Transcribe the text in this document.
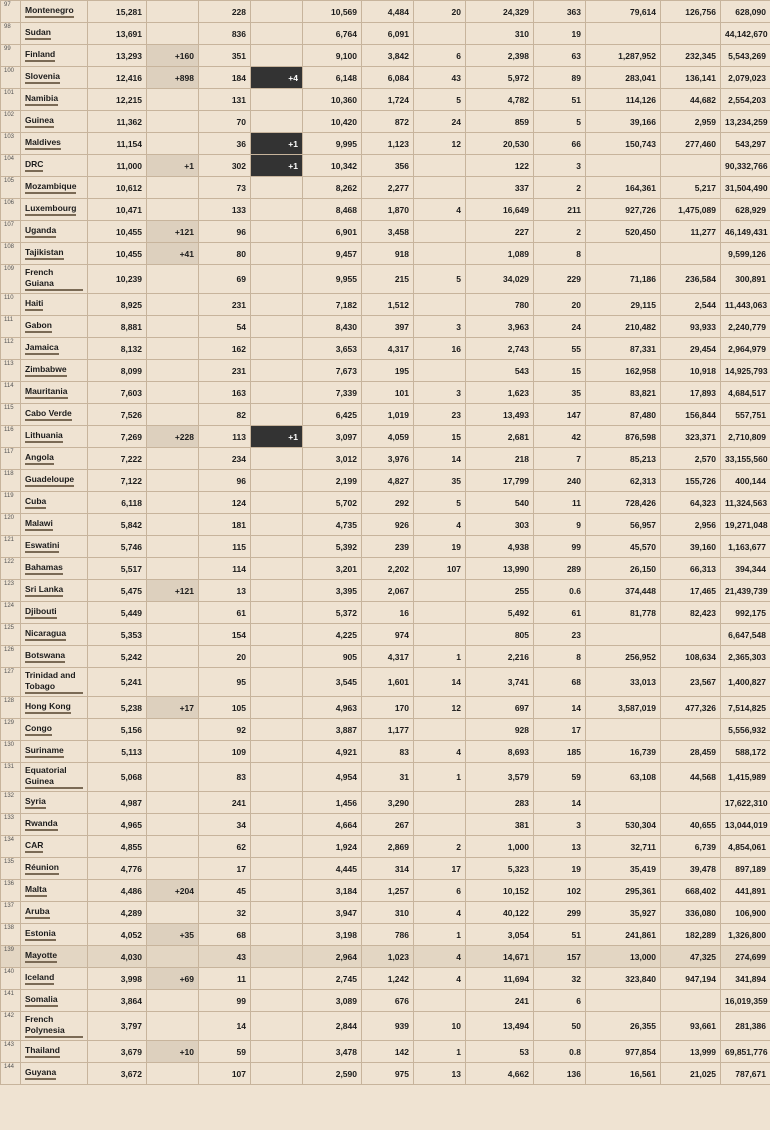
97	Montenegro	15,281		228		10,569	4,484	20	24,329	363	79,614	126,756	628,090
98	Sudan	13,691		836		6,764	6,091		310	19			44,142,670
99	Finland	13,293	+160	351		9,100	3,842	6	2,398	63	1,287,952	232,345	5,543,269
100	Slovenia	12,416	+898	184	+4	6,148	6,084	43	5,972	89	283,041	136,141	2,079,023
101	Namibia	12,215		131		10,360	1,724	5	4,782	51	114,126	44,682	2,554,203
102	Guinea	11,362		70		10,420	872	24	859	5	39,166	2,959	13,234,259
103	Maldives	11,154		36	+1	9,995	1,123	12	20,530	66	150,743	277,460	543,297
104	DRC	11,000	+1	302	+1	10,342	356		122	3			90,332,766
105	Mozambique	10,612		73		8,262	2,277		337	2	164,361	5,217	31,504,490
106	Luxembourg	10,471		133		8,468	1,870	4	16,649	211	927,726	1,475,089	628,929
107	Uganda	10,455	+121	96		6,901	3,458		227	2	520,450	11,277	46,149,431
108	Tajikistan	10,455	+41	80		9,457	918		1,089	8			9,599,126
109	French Guiana	10,239		69		9,955	215	5	34,029	229	71,186	236,584	300,891
110	Haiti	8,925		231		7,182	1,512		780	20	29,115	2,544	11,443,063
111	Gabon	8,881		54		8,430	397	3	3,963	24	210,482	93,933	2,240,779
112	Jamaica	8,132		162		3,653	4,317	16	2,743	55	87,331	29,454	2,964,979
113	Zimbabwe	8,099		231		7,673	195		543	15	162,958	10,918	14,925,793
114	Mauritania	7,603		163		7,339	101	3	1,623	35	83,821	17,893	4,684,517
115	Cabo Verde	7,526		82		6,425	1,019	23	13,493	147	87,480	156,844	557,751
116	Lithuania	7,269	+228	113	+1	3,097	4,059	15	2,681	42	876,598	323,371	2,710,809
117	Angola	7,222		234		3,012	3,976	14	218	7	85,213	2,570	33,155,560
118	Guadeloupe	7,122		96		2,199	4,827	35	17,799	240	62,313	155,726	400,144
119	Cuba	6,118		124		5,702	292	5	540	11	728,426	64,323	11,324,563
120	Malawi	5,842		181		4,735	926	4	303	9	56,957	2,956	19,271,048
121	Eswatini	5,746		115		5,392	239	19	4,938	99	45,570	39,160	1,163,677
122	Bahamas	5,517		114		3,201	2,202	107	13,990	289	26,150	66,313	394,344
123	Sri Lanka	5,475	+121	13		3,395	2,067		255	0.6	374,448	17,465	21,439,739
124	Djibouti	5,449		61		5,372	16		5,492	61	81,778	82,423	992,175
125	Nicaragua	5,353		154		4,225	974		805	23			6,647,548
126	Botswana	5,242		20		905	4,317	1	2,216	8	256,952	108,634	2,365,303
127	Trinidad and Tobago	5,241		95		3,545	1,601	14	3,741	68	33,013	23,567	1,400,827
128	Hong Kong	5,238	+17	105		4,963	170	12	697	14	3,587,019	477,326	7,514,825
129	Congo	5,156		92		3,887	1,177		928	17			5,556,932
130	Suriname	5,113		109		4,921	83	4	8,693	185	16,739	28,459	588,172
131	Equatorial Guinea	5,068		83		4,954	31	1	3,579	59	63,108	44,568	1,415,989
132	Syria	4,987		241		1,456	3,290		283	14			17,622,310
133	Rwanda	4,965		34		4,664	267		381	3	530,304	40,655	13,044,019
134	CAR	4,855		62		1,924	2,869	2	1,000	13	32,711	6,739	4,854,061
135	Réunion	4,776		17		4,445	314	17	5,323	19	35,419	39,478	897,189
136	Malta	4,486	+204	45		3,184	1,257	6	10,152	102	295,361	668,402	441,891
137	Aruba	4,289		32		3,947	310	4	40,122	299	35,927	336,080	106,900
138	Estonia	4,052	+35	68		3,198	786	1	3,054	51	241,861	182,289	1,326,800
139	Mayotte	4,030		43		2,964	1,023	4	14,671	157	13,000	47,325	274,699
140	Iceland	3,998	+69	11		2,745	1,242	4	11,694	32	323,840	947,194	341,894
141	Somalia	3,864		99		3,089	676		241	6			16,019,359
142	French Polynesia	3,797		14		2,844	939	10	13,494	50	26,355	93,661	281,386
143	Thailand	3,679	+10	59		3,478	142	1	53	0.8	977,854	13,999	69,851,776
144	Guyana	3,672		107		2,590	975	13	4,662	136	16,561	21,025	787,671
